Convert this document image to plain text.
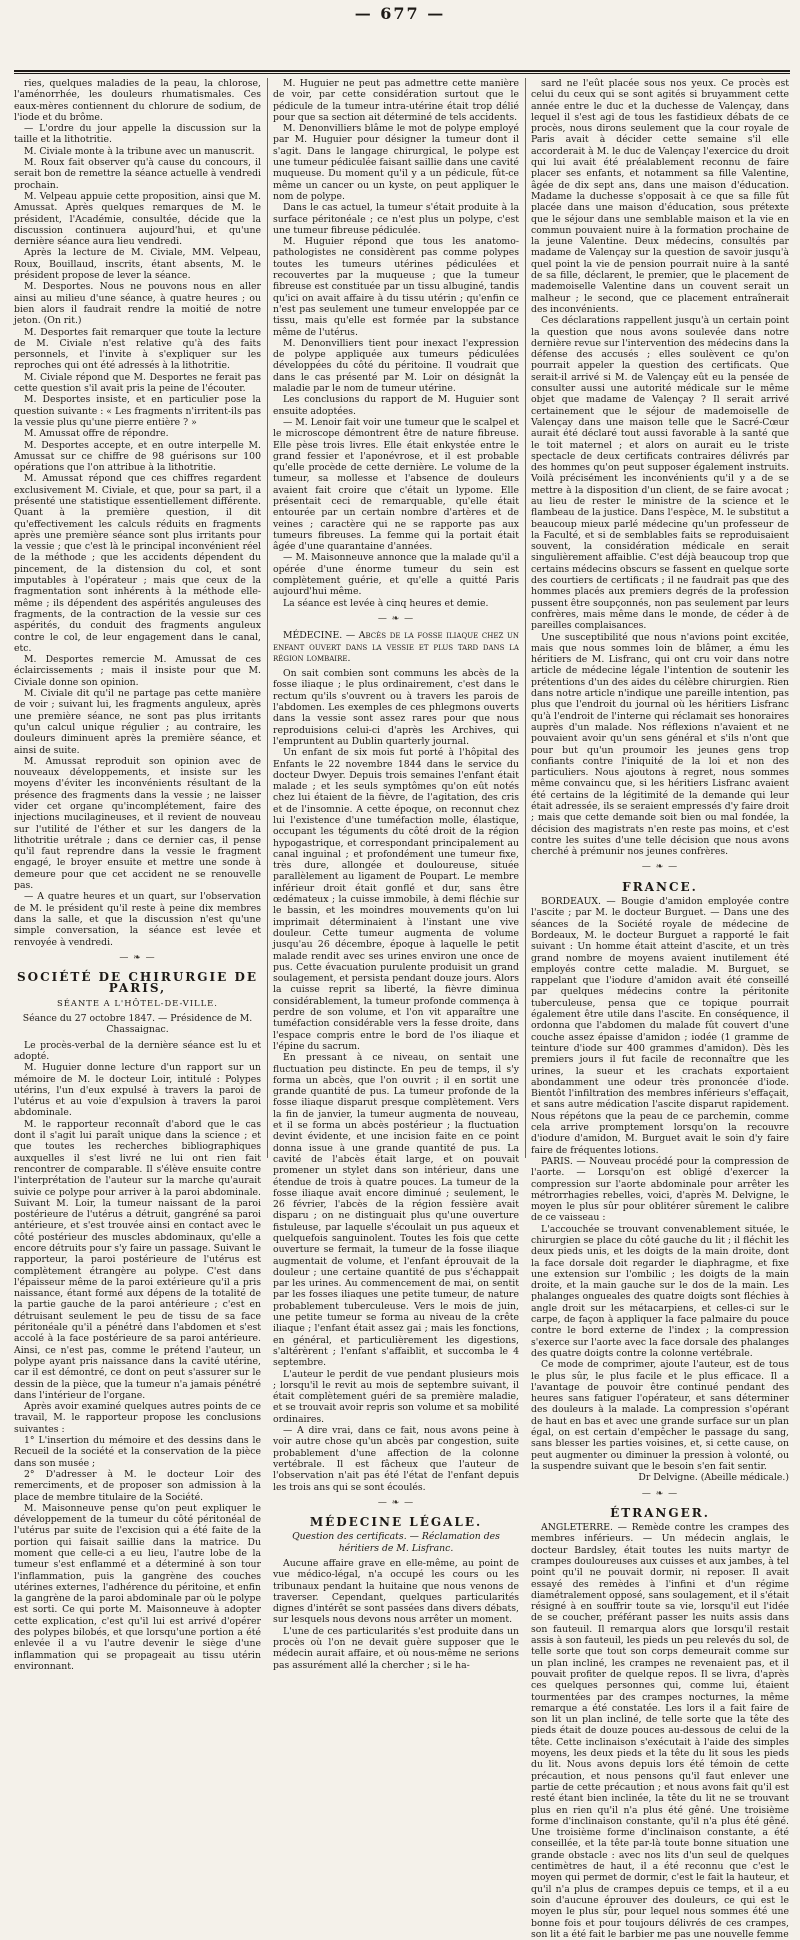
— 677 —

ries, quelques maladies de la peau, la chlorose, l'aménorrhée, les douleurs rhumatismales. Ces eaux-mères contiennent du chlorure de sodium, de l'iode et du brôme.

— L'ordre du jour appelle la discussion sur la taille et la lithotritie.

M. Civiale monte à la tribune avec un manuscrit.

M. Roux fait observer qu'à cause du concours, il serait bon de remettre la séance actuelle à vendredi prochain.

M. Velpeau appuie cette proposition, ainsi que M. Amussat. Après quelques remarques de M. le président, l'Académie, consultée, décide que la discussion continuera aujourd'hui, et qu'une dernière séance aura lieu vendredi.

Après la lecture de M. Civiale, MM. Velpeau, Roux, Bouillaud, inscrits, étant absents, M. le président propose de lever la séance.

M. Desportes. Nous ne pouvons nous en aller ainsi au milieu d'une séance, à quatre heures ; ou bien alors il faudrait rendre la moitié de notre jeton. (On rit.)

M. Desportes fait remarquer que toute la lecture de M. Civiale n'est relative qu'à des faits personnels, et l'invite à s'expliquer sur les reproches qui ont été adressés à la lithotritie.

M. Civiale répond que M. Desportes ne ferait pas cette question s'il avait pris la peine de l'écouter.

M. Desportes insiste, et en particulier pose la question suivante : « Les fragments n'irritent-ils pas la vessie plus qu'une pierre entière ? »

M. Amussat offre de répondre.

M. Desportes accepte, et en outre interpelle M. Amussat sur ce chiffre de 98 guérisons sur 100 opérations que l'on attribue à la lithotritie.

M. Amussat répond que ces chiffres regardent exclusivement M. Civiale, et que, pour sa part, il a présenté une statistique essentiellement différente. Quant à la première question, il dit qu'effectivement les calculs réduits en fragments après une première séance sont plus irritants pour la vessie ; que c'est là le principal inconvénient réel de la méthode ; que les accidents dépendent du pincement, de la distension du col, et sont imputables à l'opérateur ; mais que ceux de la fragmentation sont inhérents à la méthode elle-même ; ils dépendent des aspérités anguleuses des fragments, de la contraction de la vessie sur ces aspérités, du conduit des fragments anguleux contre le col, de leur engagement dans le canal, etc.

M. Desportes remercie M. Amussat de ces éclaircissements ; mais il insiste pour que M. Civiale donne son opinion.

M. Civiale dit qu'il ne partage pas cette manière de voir ; suivant lui, les fragments anguleux, après une première séance, ne sont pas plus irritants qu'un calcul unique régulier ; au contraire, les douleurs diminuent après la première séance, et ainsi de suite.

M. Amussat reproduit son opinion avec de nouveaux développements, et insiste sur les moyens d'éviter les inconvénients résultant de la présence des fragments dans la vessie ; ne laisser vider cet organe qu'incomplétement, faire des injections mucilagineuses, et il revient de nouveau sur l'utilité de l'éther et sur les dangers de la lithotritie urétrale ; dans ce dernier cas, il pense qu'il faut reprendre dans la vessie le fragment engagé, le broyer ensuite et mettre une sonde à demeure pour que cet accident ne se renouvelle pas.

— A quatre heures et un quart, sur l'observation de M. le président qu'il reste à peine dix membres dans la salle, et que la discussion n'est qu'une simple conversation, la séance est levée et renvoyée à vendredi.

— ❧ —
SOCIÉTÉ DE CHIRURGIE DE PARIS,
SÉANTE A L'HÔTEL-DE-VILLE.

Séance du 27 octobre 1847. — Présidence de M. Chassaignac.

Le procès-verbal de la dernière séance est lu et adopté.

M. Huguier donne lecture d'un rapport sur un mémoire de M. le docteur Loir, intitulé : Polypes utérins, l'un d'eux expulsé à travers la paroi de l'utérus et au voie d'expulsion à travers la paroi abdominale.

M. le rapporteur reconnaît d'abord que le cas dont il s'agit lui paraît unique dans la science ; et que toutes les recherches bibliographiques auxquelles il s'est livré ne lui ont rien fait rencontrer de comparable. Il s'élève ensuite contre l'interprétation de l'auteur sur la marche qu'aurait suivie ce polype pour arriver à la paroi abdominale. Suivant M. Loir, la tumeur naissant de la paroi postérieure de l'utérus a détruit, gangréné sa paroi antérieure, et s'est trouvée ainsi en contact avec le côté postérieur des muscles abdominaux, qu'elle a encore détruits pour s'y faire un passage. Suivant le rapporteur, la paroi postérieure de l'utérus est complètement étrangère au polype. C'est dans l'épaisseur même de la paroi extérieure qu'il a pris naissance, étant formé aux dépens de la totalité de la partie gauche de la paroi antérieure ; c'est en détruisant seulement le peu de tissu de sa face péritonéale qu'il a pénétré dans l'abdomen et s'est accolé à la face postérieure de sa paroi antérieure. Ainsi, ce n'est pas, comme le prétend l'auteur, un polype ayant pris naissance dans la cavité utérine, car il est démontré, ce dont on peut s'assurer sur le dessin de la pièce, que la tumeur n'a jamais pénétré dans l'intérieur de l'organe.

Après avoir examiné quelques autres points de ce travail, M. le rapporteur propose les conclusions suivantes :

1° L'insertion du mémoire et des dessins dans le Recueil de la société et la conservation de la pièce dans son musée ;

2° D'adresser à M. le docteur Loir des remerciments, et de proposer son admission à la place de membre titulaire de la Société.

M. Maisonneuve pense qu'on peut expliquer le développement de la tumeur du côté péritonéal de l'utérus par suite de l'excision qui a été faite de la portion qui faisait saillie dans la matrice. Du moment que celle-ci a eu lieu, l'autre lobe de la tumeur s'est enflammé et a déterminé à son tour l'inflammation, puis la gangrène des couches utérines externes, l'adhérence du péritoine, et enfin la gangrène de la paroi abdominale par où le polype est sorti. Ce qui porte M. Maisonneuve à adopter cette explication, c'est qu'il lui est arrivé d'opérer des polypes bilobés, et que lorsqu'une portion a été enlevée il a vu l'autre devenir le siège d'une inflammation qui se propageait au tissu utérin environnant.

M. Huguier ne peut pas admettre cette manière de voir, par cette considération surtout que le pédicule de la tumeur intra-utérine était trop délié pour que sa section ait déterminé de tels accidents.

M. Denonvilliers blâme le mot de polype employé par M. Huguier pour désigner la tumeur dont il s'agit. Dans le langage chirurgical, le polype est une tumeur pédiculée faisant saillie dans une cavité muqueuse. Du moment qu'il y a un pédicule, fût-ce même un cancer ou un kyste, on peut appliquer le nom de polype.

Dans le cas actuel, la tumeur s'était produite à la surface péritonéale ; ce n'est plus un polype, c'est une tumeur fibreuse pédiculée.

M. Huguier répond que tous les anatomo-pathologistes ne considèrent pas comme polypes toutes les tumeurs utérines pédiculées et recouvertes par la muqueuse ; que la tumeur fibreuse est constituée par un tissu albuginé, tandis qu'ici on avait affaire à du tissu utérin ; qu'enfin ce n'est pas seulement une tumeur enveloppée par ce tissu, mais qu'elle est formée par la substance même de l'utérus.

M. Denonvilliers tient pour inexact l'expression de polype appliquée aux tumeurs pédiculées développées du côté du péritoine. Il voudrait que dans le cas présenté par M. Loir on désignât la maladie par le nom de tumeur utérine.

Les conclusions du rapport de M. Huguier sont ensuite adoptées.

— M. Lenoir fait voir une tumeur que le scalpel et le microscope démontrent être de nature fibreuse. Elle pèse trois livres. Elle était enkystée entre le grand fessier et l'aponévrose, et il est probable qu'elle procède de cette dernière. Le volume de la tumeur, sa mollesse et l'absence de douleurs avaient fait croire que c'était un lypome. Elle présentait ceci de remarquable, qu'elle était entourée par un certain nombre d'artères et de veines ; caractère qui ne se rapporte pas aux tumeurs fibreuses. La femme qui la portait était âgée d'une quarantaine d'années.

— M. Maisonneuve annonce que la malade qu'il a opérée d'une énorme tumeur du sein est complètement guérie, et qu'elle a quitté Paris aujourd'hui même.

La séance est levée à cinq heures et demie.

— ❧ —

MÉDECINE. — Abcès de la fosse iliaque chez un enfant ouvert dans la vessie et plus tard dans la région lombaire.

On sait combien sont communs les abcès de la fosse iliaque ; le plus ordinairement, c'est dans le rectum qu'ils s'ouvrent ou à travers les parois de l'abdomen. Les exemples de ces phlegmons ouverts dans la vessie sont assez rares pour que nous reproduisions celui-ci d'après les Archives, qui l'empruntent au Dublin quarterly journal.

Un enfant de six mois fut porté à l'hôpital des Enfants le 22 novembre 1844 dans le service du docteur Dwyer. Depuis trois semaines l'enfant était malade ; et les seuls symptômes qu'on eût notés chez lui étaient de la fièvre, de l'agitation, des cris et de l'insomnie. A cette époque, on reconnut chez lui l'existence d'une tuméfaction molle, élastique, occupant les téguments du côté droit de la région hypogastrique, et correspondant principalement au canal inguinal ; et profondément une tumeur fixe, très dure, allongée et douloureuse, située parallèlement au ligament de Poupart. Le membre inférieur droit était gonflé et dur, sans être œdémateux ; la cuisse immobile, à demi fléchie sur le bassin, et les moindres mouvements qu'on lui imprimait déterminaient à l'instant une vive douleur. Cette tumeur augmenta de volume jusqu'au 26 décembre, époque à laquelle le petit malade rendit avec ses urines environ une once de pus. Cette évacuation purulente produisit un grand soulagement, et persista pendant douze jours. Alors la cuisse reprit sa liberté, la fièvre diminua considérablement, la tumeur profonde commença à perdre de son volume, et l'on vit apparaître une tuméfaction considérable vers la fesse droite, dans l'espace compris entre le bord de l'os iliaque et l'épine du sacrum.

En pressant à ce niveau, on sentait une fluctuation peu distincte. En peu de temps, il s'y forma un abcès, que l'on ouvrit ; il en sortit une grande quantité de pus. La tumeur profonde de la fosse iliaque disparut presque complètement. Vers la fin de janvier, la tumeur augmenta de nouveau, et il se forma un abcès postérieur ; la fluctuation devint évidente, et une incision faite en ce point donna issue à une grande quantité de pus. La cavité de l'abcès était large, et on pouvait promener un stylet dans son intérieur, dans une étendue de trois à quatre pouces. La tumeur de la fosse iliaque avait encore diminué ; seulement, le 26 février, l'abcès de la région fessière avait disparu ; on ne distinguait plus qu'une ouverture fistuleuse, par laquelle s'écoulait un pus aqueux et quelquefois sanguinolent. Toutes les fois que cette ouverture se fermait, la tumeur de la fosse iliaque augmentait de volume, et l'enfant éprouvait de la douleur ; une certaine quantité de pus s'échappait par les urines. Au commencement de mai, on sentit par les fosses iliaques une petite tumeur, de nature probablement tuberculeuse. Vers le mois de juin, une petite tumeur se forma au niveau de la crête iliaque ; l'enfant était assez gai ; mais les fonctions, en général, et particulièrement les digestions, s'altérèrent ; l'enfant s'affaiblit, et succomba le 4 septembre.

L'auteur le perdit de vue pendant plusieurs mois ; lorsqu'il le revit au mois de septembre suivant, il était complètement guéri de sa première maladie, et se trouvait avoir repris son volume et sa mobilité ordinaires.

— A dire vrai, dans ce fait, nous avons peine à voir autre chose qu'un abcès par congestion, suite probablement d'une affection de la colonne vertébrale. Il est fâcheux que l'auteur de l'observation n'ait pas été l'état de l'enfant depuis les trois ans qui se sont écoulés.

— ❧ —
MÉDECINE LÉGALE.

Question des certificats. — Réclamation des héritiers de M. Lisfranc.

Aucune affaire grave en elle-même, au point de vue médico-légal, n'a occupé les cours ou les tribunaux pendant la huitaine que nous venons de traverser. Cependant, quelques particularités dignes d'intérêt se sont passées dans divers débats, sur lesquels nous devons nous arrêter un moment.

L'une de ces particularités s'est produite dans un procès où l'on ne devait guère supposer que le médecin aurait affaire, et où nous-même ne serions pas assurément allé la chercher ; si le ha-

sard ne l'eût placée sous nos yeux. Ce procès est celui du ceux qui se sont agités si bruyamment cette année entre le duc et la duchesse de Valençay, dans lequel il s'est agi de tous les fastidieux débats de ce procès, nous dirons seulement que la cour royale de Paris avait à décider cette semaine s'il elle accorderait à M. le duc de Valençay l'exercice du droit qui lui avait été préalablement reconnu de faire placer ses enfants, et notamment sa fille Valentine, âgée de dix sept ans, dans une maison d'éducation. Madame la duchesse s'opposait à ce que sa fille fût placée dans une maison d'éducation, sous prétexte que le séjour dans une semblable maison et la vie en commun pouvaient nuire à la formation prochaine de la jeune Valentine. Deux médecins, consultés par madame de Valençay sur la question de savoir jusqu'à quel point la vie de pension pourrait nuire à la santé de sa fille, déclarent, le premier, que le placement de mademoiselle Valentine dans un couvent serait un malheur ; le second, que ce placement entraînerait des inconvénients.

Ces déclarations rappellent jusqu'à un certain point la question que nous avons soulevée dans notre dernière revue sur l'intervention des médecins dans la défense des accusés ; elles soulèvent ce qu'on pourrait appeler la question des certificats. Que serait-il arrivé si M. de Valençay eût eu la pensée de consulter aussi une autorité médicale sur le même objet que madame de Valençay ? Il serait arrivé certainement que le séjour de mademoiselle de Valençay dans une maison telle que le Sacré-Cœur aurait été déclaré tout aussi favorable à la santé que le toit maternel ; et alors on aurait eu le triste spectacle de deux certificats contraires délivrés par des hommes qu'on peut supposer également instruits. Voilà précisément les inconvénients qu'il y a de se mettre à la disposition d'un client, de se faire avocat ; au lieu de rester le ministre de la science et le flambeau de la justice. Dans l'espèce, M. le substitut a beaucoup mieux parlé médecine qu'un professeur de la Faculté, et si de semblables faits se reproduisaient souvent, la considération médicale en serait singulièrement affaiblie. C'est déjà beaucoup trop que certains médecins obscurs se fassent en quelque sorte des courtiers de certificats ; il ne faudrait pas que des hommes placés aux premiers degrés de la profession pussent être soupçonnés, non pas seulement par leurs confrères, mais même dans le monde, de céder à de pareilles complaisances.

Une susceptibilité que nous n'avions point excitée, mais que nous sommes loin de blâmer, a ému les héritiers de M. Lisfranc, qui ont cru voir dans notre article de médecine légale l'intention de soutenir les prétentions d'un des aides du célèbre chirurgien. Rien dans notre article n'indique une pareille intention, pas plus que l'endroit du journal où les héritiers Lisfranc qu'à l'endroit de l'interne qui réclamait ses honoraires auprès d'un malade. Nos réflexions n'avaient et ne pouvaient avoir qu'un sens général et s'ils n'ont que pour but qu'un proumoir les jeunes gens trop confiants contre l'iniquité de la loi et non des particuliers. Nous ajoutons à regret, nous sommes même convaincu que, si les héritiers Lisfranc avaient été certains de la légitimité de la demande qui leur était adressée, ils se seraient empressés d'y faire droit ; mais que cette demande soit bien ou mal fondée, la décision des magistrats n'en reste pas moins, et c'est contre les suites d'une telle décision que nous avons cherché à prémunir nos jeunes confrères.

— ❧ —
FRANCE.

BORDEAUX. — Bougie d'amidon employée contre l'ascite ; par M. le docteur Burguet. — Dans une des séances de la Société royale de médecine de Bordeaux, M. le docteur Burguet a rapporté le fait suivant : Un homme était atteint d'ascite, et un très grand nombre de moyens avaient inutilement été employés contre cette maladie. M. Burguet, se rappelant que l'iodure d'amidon avait été conseillé par quelques médecins contre la péritonite tuberculeuse, pensa que ce topique pourrait également être utile dans l'ascite. En conséquence, il ordonna que l'abdomen du malade fût couvert d'une couche assez épaisse d'amidon ; iodée (1 gramme de teinture d'iode sur 400 grammes d'amidon). Dès les premiers jours il fut facile de reconnaître que les urines, la sueur et les crachats exportaient abondamment une odeur très prononcée d'iode. Bientôt l'infiltration des membres inférieurs s'effaçait, et sans autre médication l'ascite disparut rapidement. Nous répétons que la peau de ce parchemin, comme cela arrive promptement lorsqu'on la recouvre d'iodure d'amidon, M. Burguet avait le soin d'y faire faire de fréquentes lotions.

PARIS. — Nouveau procédé pour la compression de l'aorte. — Lorsqu'on est obligé d'exercer la compression sur l'aorte abdominale pour arrêter les métrorrhagies rebelles, voici, d'après M. Delvigne, le moyen le plus sûr pour oblitérer sûrement le calibre de ce vaisseau :

L'accouchée se trouvant convenablement située, le chirurgien se place du côté gauche du lit ; il fléchit les deux pieds unis, et les doigts de la main droite, dont la face dorsale doit regarder le diaphragme, et fixe une extension sur l'ombilic ; les doigts de la main droite, et la main gauche sur le dos de la main. Les phalanges ongueales des quatre doigts sont fléchies à angle droit sur les métacarpiens, et celles-ci sur le carpe, de façon à appliquer la face palmaire du pouce contre le bord externe de l'index ; la compression s'exerce sur l'aorte avec la face dorsale des phalanges des quatre doigts contre la colonne vertébrale.

Ce mode de comprimer, ajoute l'auteur, est de tous le plus sûr, le plus facile et le plus efficace. Il a l'avantage de pouvoir être continué pendant des heures sans fatiguer l'opérateur, et sans déterminer des douleurs à la malade. La compression s'opérant de haut en bas et avec une grande surface sur un plan égal, on est certain d'empêcher le passage du sang, sans blesser les parties voisines, et, si cette cause, on peut augmenter ou diminuer la pression à volonté, ou la suspendre suivant que le besoin s'en fait sentir.

Dr Delvigne. (Abeille médicale.)

— ❧ —
ÉTRANGER.

ANGLETERRE. — Remède contre les crampes des membres inférieurs. — Un médecin anglais, le docteur Bardsley, était toutes les nuits martyr de crampes douloureuses aux cuisses et aux jambes, à tel point qu'il ne pouvait dormir, ni reposer. Il avait essayé des remèdes à l'infini et d'un régime diamétralement opposé, sans soulagement, et il s'était résigné à en souffrir toute sa vie, lorsqu'il eut l'idée de se coucher, préférant passer les nuits assis dans son fauteuil. Il remarqua alors que lorsqu'il restait assis à son fauteuil, les pieds un peu relevés du sol, de telle sorte que tout son corps demeurait comme sur un plan incliné, les crampes ne revenaient pas, et il pouvait profiter de quelque repos. Il se livra, d'après ces quelques personnes qui, comme lui, étaient tourmentées par des crampes nocturnes, la même remarque a été constatée. Les lors il a fait faire de son lit un plan incliné, de telle sorte que la tête des pieds était de douze pouces au-dessous de celui de la tête. Cette inclinaison s'exécutait à l'aide des simples moyens, les deux pieds et la tête du lit sous les pieds du lit. Nous avons depuis lors été témoin de cette précaution, et nous pensons qu'il faut enlever une partie de cette précaution ; et nous avons fait qu'il est resté étant bien inclinée, la tête du lit ne se trouvant plus en rien qu'il n'a plus été gêné. Une troisième forme d'inclinaison constante, qu'il n'a plus été gêné. Une troisième forme d'inclinaison constante, a été conseillée, et la tête par-là toute bonne situation une grande obstacle : avec nos lits d'un seul de quelques centimètres de haut, il a été reconnu que c'est le moyen qui permet de dormir, c'est le fait la hauteur, et qu'il n'a plus de crampes depuis ce temps, et il a eu soin d'aucune éprouver des douleurs, ce qui est le moyen le plus sûr, pour lequel nous sommes été une bonne fois et pour toujours délivrés de ces crampes, son lit a été fait le barbier me pas une nouvelle femme
